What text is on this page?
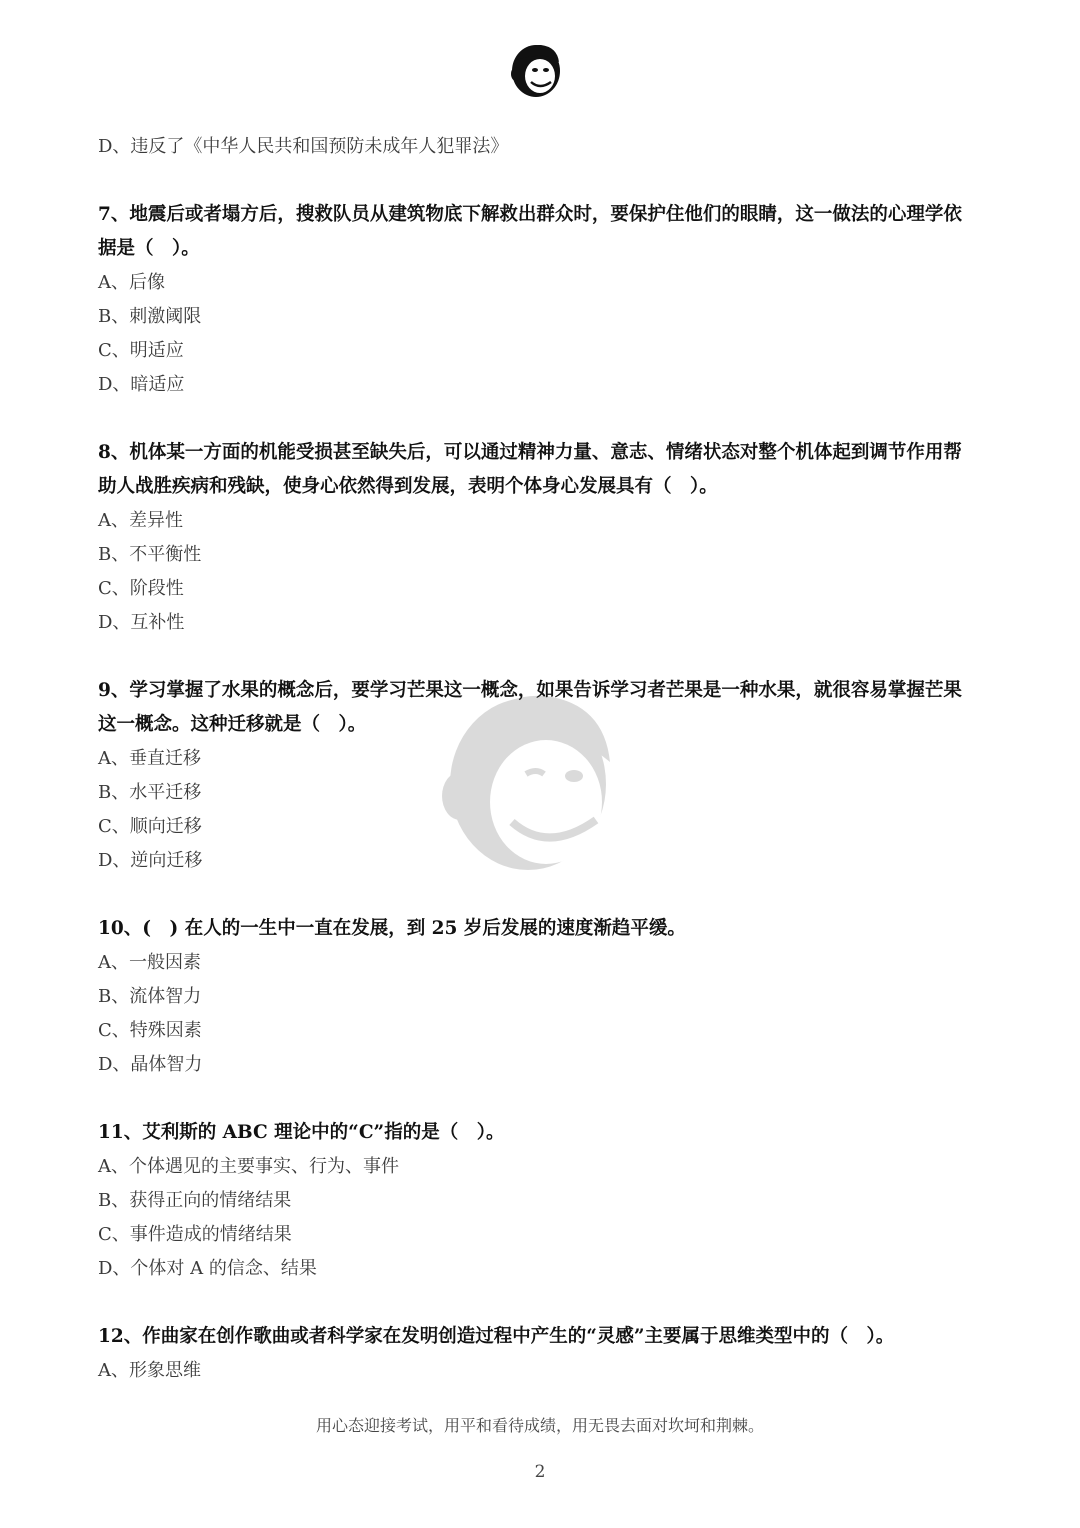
D、违反了《中华人民共和国预防未成年人犯罪法》
7、地震后或者塌方后，搜救队员从建筑物底下解救出群众时，要保护住他们的眼睛，这一做法的心理学依
据是（　）。
A、后像
B、刺激阈限
C、明适应
D、暗适应
8、机体某一方面的机能受损甚至缺失后，可以通过精神力量、意志、情绪状态对整个机体起到调节作用帮
助人战胜疾病和残缺，使身心依然得到发展，表明个体身心发展具有（　）。
A、差异性
B、不平衡性
C、阶段性
D、互补性
9、学习掌握了水果的概念后，要学习芒果这一概念，如果告诉学习者芒果是一种水果，就很容易掌握芒果
这一概念。这种迁移就是（　）。
A、垂直迁移
B、水平迁移
C、顺向迁移
D、逆向迁移
10、(　) 在人的一生中一直在发展，到 25 岁后发展的速度渐趋平缓。
A、一般因素
B、流体智力
C、特殊因素
D、晶体智力
11、艾利斯的 ABC 理论中的“C”指的是（　）。
A、个体遇见的主要事实、行为、事件
B、获得正向的情绪结果
C、事件造成的情绪结果
D、个体对 A 的信念、结果
12、作曲家在创作歌曲或者科学家在发明创造过程中产生的“灵感”主要属于思维类型中的（　）。
A、形象思维
用心态迎接考试，用平和看待成绩，用无畏去面对坎坷和荆棘。
2
